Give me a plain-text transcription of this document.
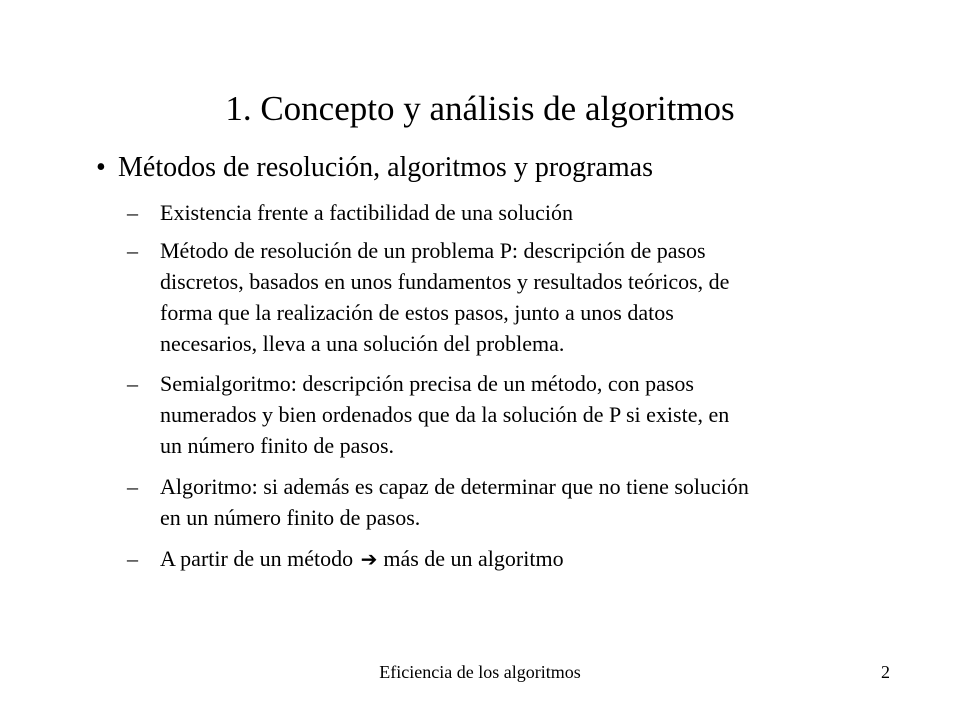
1. Concepto y análisis de algoritmos
• Métodos de resolución, algoritmos y programas
– Existencia frente a factibilidad de una solución
– Método de resolución de un problema P: descripción de pasos
discretos, basados en unos fundamentos y resultados teóricos, de
forma que la realización de estos pasos, junto a unos datos
necesarios, lleva a una solución del problema.
– Semialgoritmo: descripción precisa de un método, con pasos
numerados y bien ordenados que da la solución de P si existe, en
un número finito de pasos.
– Algoritmo: si además es capaz de determinar que no tiene solución
en un número finito de pasos.
– A partir de un método ➔ más de un algoritmo
Eficiencia de los algoritmos	2
